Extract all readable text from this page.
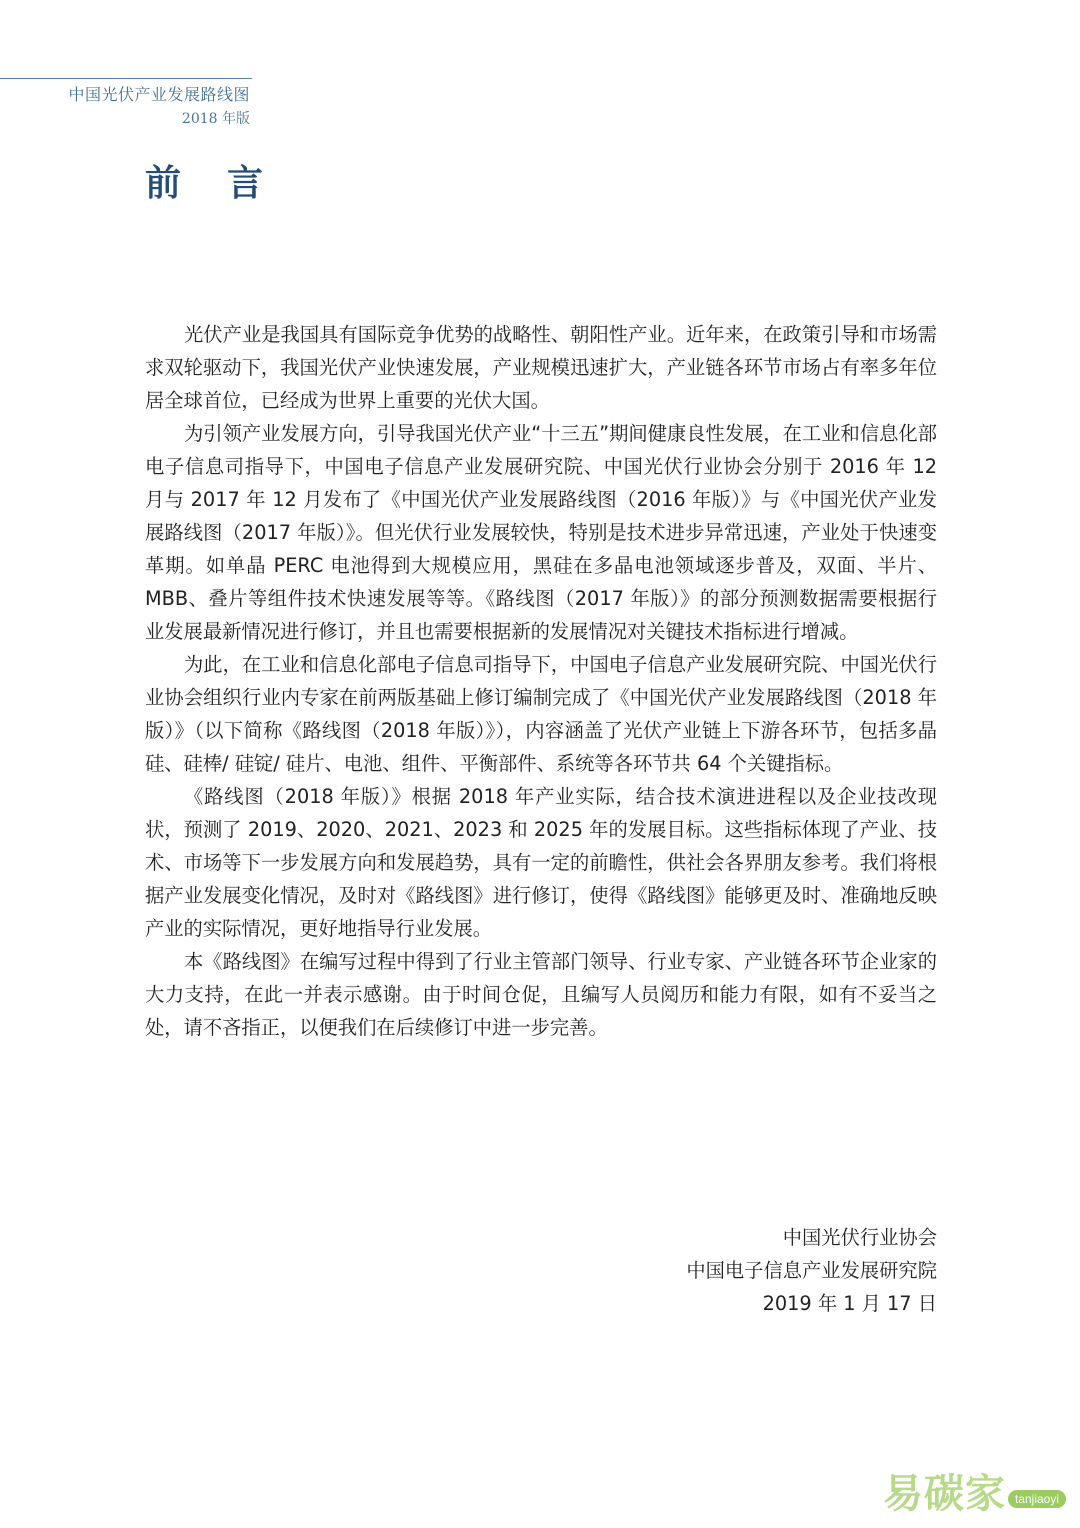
中国光伏产业发展路线图
2018 年版
前言

光伏产业是我国具有国际竞争优势的战略性、朝阳性产业。近年来，在政策引导和市场需求双轮驱动下，我国光伏产业快速发展，产业规模迅速扩大，产业链各环节市场占有率多年位居全球首位，已经成为世界上重要的光伏大国。

为引领产业发展方向，引导我国光伏产业“十三五”期间健康良性发展，在工业和信息化部电子信息司指导下，中国电子信息产业发展研究院、中国光伏行业协会分别于 2016 年 12 月与 2017 年 12 月发布了《中国光伏产业发展路线图（2016 年版）》与《中国光伏产业发展路线图（2017 年版）》。但光伏行业发展较快，特别是技术进步异常迅速，产业处于快速变革期。如单晶 PERC 电池得到大规模应用，黑硅在多晶电池领域逐步普及，双面、半片、MBB、叠片等组件技术快速发展等等。《路线图（2017 年版）》的部分预测数据需要根据行业发展最新情况进行修订，并且也需要根据新的发展情况对关键技术指标进行增减。

为此，在工业和信息化部电子信息司指导下，中国电子信息产业发展研究院、中国光伏行业协会组织行业内专家在前两版基础上修订编制完成了《中国光伏产业发展路线图（2018 年版）》（以下简称《路线图（2018 年版）》），内容涵盖了光伏产业链上下游各环节，包括多晶硅、硅棒/ 硅锭/ 硅片、电池、组件、平衡部件、系统等各环节共 64 个关键指标。

《路线图（2018 年版）》根据 2018 年产业实际，结合技术演进进程以及企业技改现状，预测了 2019、2020、2021、2023 和 2025 年的发展目标。这些指标体现了产业、技术、市场等下一步发展方向和发展趋势，具有一定的前瞻性，供社会各界朋友参考。我们将根据产业发展变化情况，及时对《路线图》进行修订，使得《路线图》能够更及时、准确地反映产业的实际情况，更好地指导行业发展。

本《路线图》在编写过程中得到了行业主管部门领导、行业专家、产业链各环节企业家的大力支持，在此一并表示感谢。由于时间仓促，且编写人员阅历和能力有限，如有不妥当之处，请不吝指正，以便我们在后续修订中进一步完善。

中国光伏行业协会
中国电子信息产业发展研究院
2019 年 1 月 17 日
易碳家 tanjiaoyi
